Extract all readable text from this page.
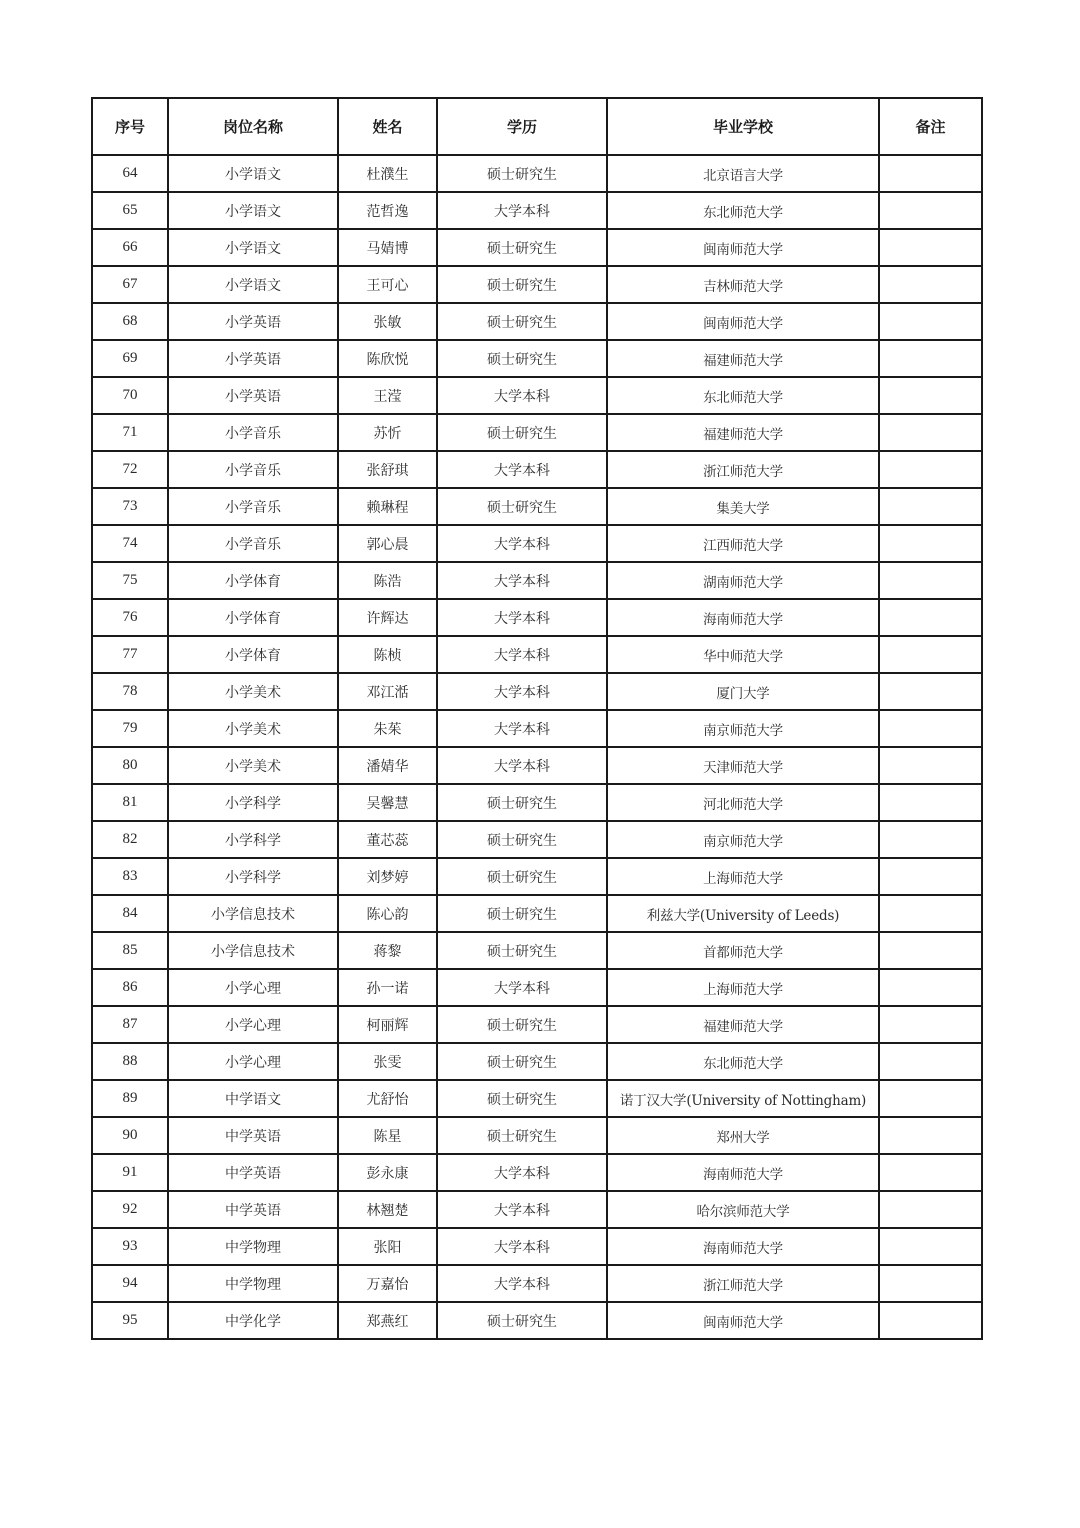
序号	岗位名称	姓名	学历	毕业学校	备注
64	小学语文	杜濮生	硕士研究生	北京语言大学	
65	小学语文	范哲逸	大学本科	东北师范大学	
66	小学语文	马婧博	硕士研究生	闽南师范大学	
67	小学语文	王可心	硕士研究生	吉林师范大学	
68	小学英语	张敏	硕士研究生	闽南师范大学	
69	小学英语	陈欣悦	硕士研究生	福建师范大学	
70	小学英语	王滢	大学本科	东北师范大学	
71	小学音乐	苏忻	硕士研究生	福建师范大学	
72	小学音乐	张舒琪	大学本科	浙江师范大学	
73	小学音乐	赖琳程	硕士研究生	集美大学	
74	小学音乐	郭心晨	大学本科	江西师范大学	
75	小学体育	陈浩	大学本科	湖南师范大学	
76	小学体育	许辉达	大学本科	海南师范大学	
77	小学体育	陈桢	大学本科	华中师范大学	
78	小学美术	邓江湉	大学本科	厦门大学	
79	小学美术	朱茱	大学本科	南京师范大学	
80	小学美术	潘婧华	大学本科	天津师范大学	
81	小学科学	吴馨慧	硕士研究生	河北师范大学	
82	小学科学	董芯蕊	硕士研究生	南京师范大学	
83	小学科学	刘梦婷	硕士研究生	上海师范大学	
84	小学信息技术	陈心韵	硕士研究生	利兹大学(University of Leeds)	
85	小学信息技术	蒋黎	硕士研究生	首都师范大学	
86	小学心理	孙一诺	大学本科	上海师范大学	
87	小学心理	柯丽辉	硕士研究生	福建师范大学	
88	小学心理	张雯	硕士研究生	东北师范大学	
89	中学语文	尤舒怡	硕士研究生	诺丁汉大学(University of Nottingham)	
90	中学英语	陈星	硕士研究生	郑州大学	
91	中学英语	彭永康	大学本科	海南师范大学	
92	中学英语	林翘楚	大学本科	哈尔滨师范大学	
93	中学物理	张阳	大学本科	海南师范大学	
94	中学物理	万嘉怡	大学本科	浙江师范大学	
95	中学化学	郑燕红	硕士研究生	闽南师范大学	
